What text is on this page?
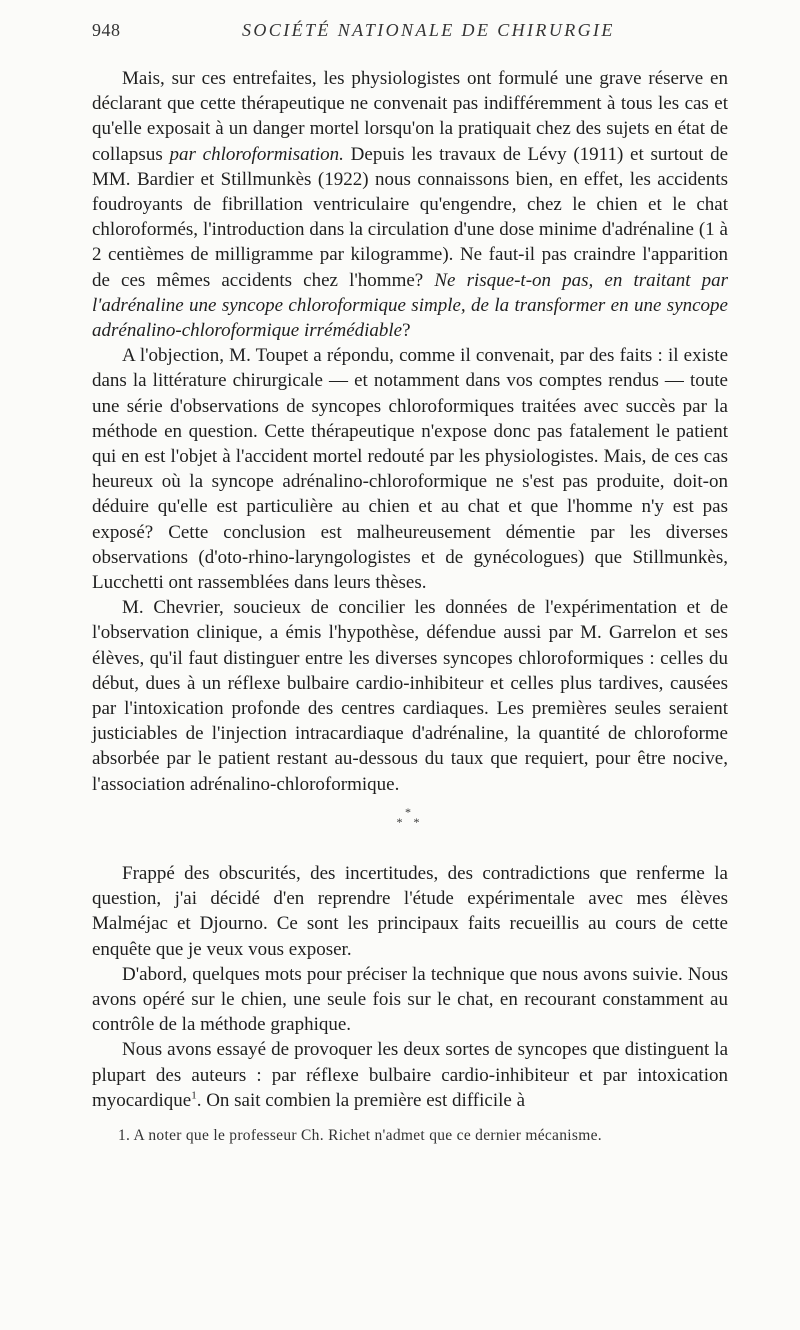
948	SOCIÉTÉ NATIONALE DE CHIRURGIE

Mais, sur ces entrefaites, les physiologistes ont formulé une grave réserve en déclarant que cette thérapeutique ne convenait pas indifféremment à tous les cas et qu'elle exposait à un danger mortel lorsqu'on la pratiquait chez des sujets en état de collapsus par chloroformisation. Depuis les travaux de Lévy (1911) et surtout de MM. Bardier et Stillmunkès (1922) nous connaissons bien, en effet, les accidents foudroyants de fibrillation ventriculaire qu'engendre, chez le chien et le chat chloroformés, l'introduction dans la circulation d'une dose minime d'adrénaline (1 à 2 centièmes de milligramme par kilogramme). Ne faut-il pas craindre l'apparition de ces mêmes accidents chez l'homme? Ne risque-t-on pas, en traitant par l'adrénaline une syncope chloroformique simple, de la transformer en une syncope adrénalino-chloroformique irrémédiable?

A l'objection, M. Toupet a répondu, comme il convenait, par des faits : il existe dans la littérature chirurgicale — et notamment dans vos comptes rendus — toute une série d'observations de syncopes chloroformiques traitées avec succès par la méthode en question. Cette thérapeutique n'expose donc pas fatalement le patient qui en est l'objet à l'accident mortel redouté par les physiologistes. Mais, de ces cas heureux où la syncope adrénalino-chloroformique ne s'est pas produite, doit-on déduire qu'elle est particulière au chien et au chat et que l'homme n'y est pas exposé? Cette conclusion est malheureusement démentie par les diverses observations (d'oto-rhino-laryngologistes et de gynécologues) que Stillmunkès, Lucchetti ont rassemblées dans leurs thèses.

M. Chevrier, soucieux de concilier les données de l'expérimentation et de l'observation clinique, a émis l'hypothèse, défendue aussi par M. Garrelon et ses élèves, qu'il faut distinguer entre les diverses syncopes chloroformiques : celles du début, dues à un réflexe bulbaire cardio-inhibiteur et celles plus tardives, causées par l'intoxication profonde des centres cardiaques. Les premières seules seraient justiciables de l'injection intracardiaque d'adrénaline, la quantité de chloroforme absorbée par le patient restant au-dessous du taux que requiert, pour être nocive, l'association adrénalino-chloroformique.

*
* *

Frappé des obscurités, des incertitudes, des contradictions que renferme la question, j'ai décidé d'en reprendre l'étude expérimentale avec mes élèves Malméjac et Djourno. Ce sont les principaux faits recueillis au cours de cette enquête que je veux vous exposer.

D'abord, quelques mots pour préciser la technique que nous avons suivie. Nous avons opéré sur le chien, une seule fois sur le chat, en recourant constamment au contrôle de la méthode graphique.

Nous avons essayé de provoquer les deux sortes de syncopes que distinguent la plupart des auteurs : par réflexe bulbaire cardio-inhibiteur et par intoxication myocardique$^1$. On sait combien la première est difficile à

1. A noter que le professeur Ch. Richet n'admet que ce dernier mécanisme.
